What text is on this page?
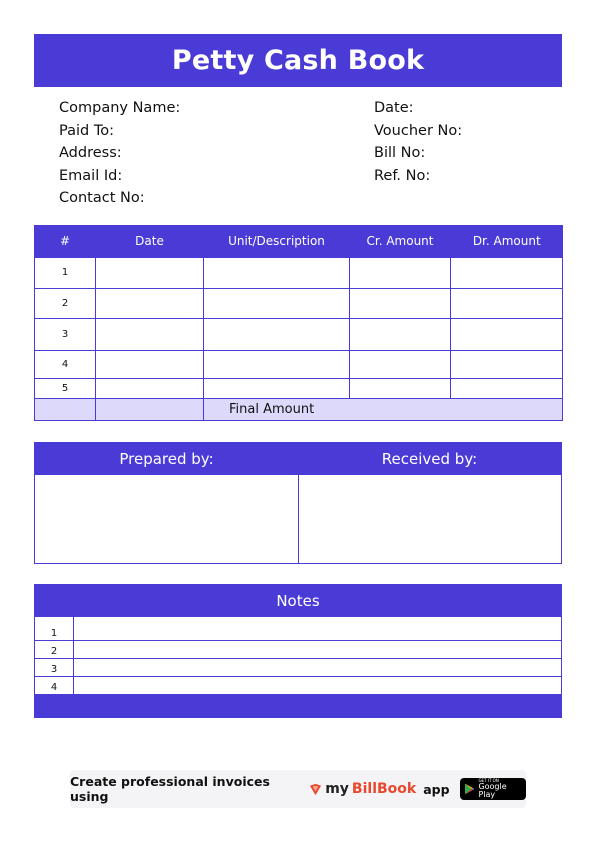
Petty Cash Book
Company Name:
Paid To:
Address:
Email Id:
Contact No:
Date:
Voucher No:
Bill No:
Ref. No:
#	Date	Unit/Description	Cr. Amount	Dr. Amount
1				
2				
3				
4				
5				
		Final Amount		
Prepared by:	Received by:
Notes
1
2
3
4
Create professional invoices using	my BillBook app
GET IT ON
Google Play
